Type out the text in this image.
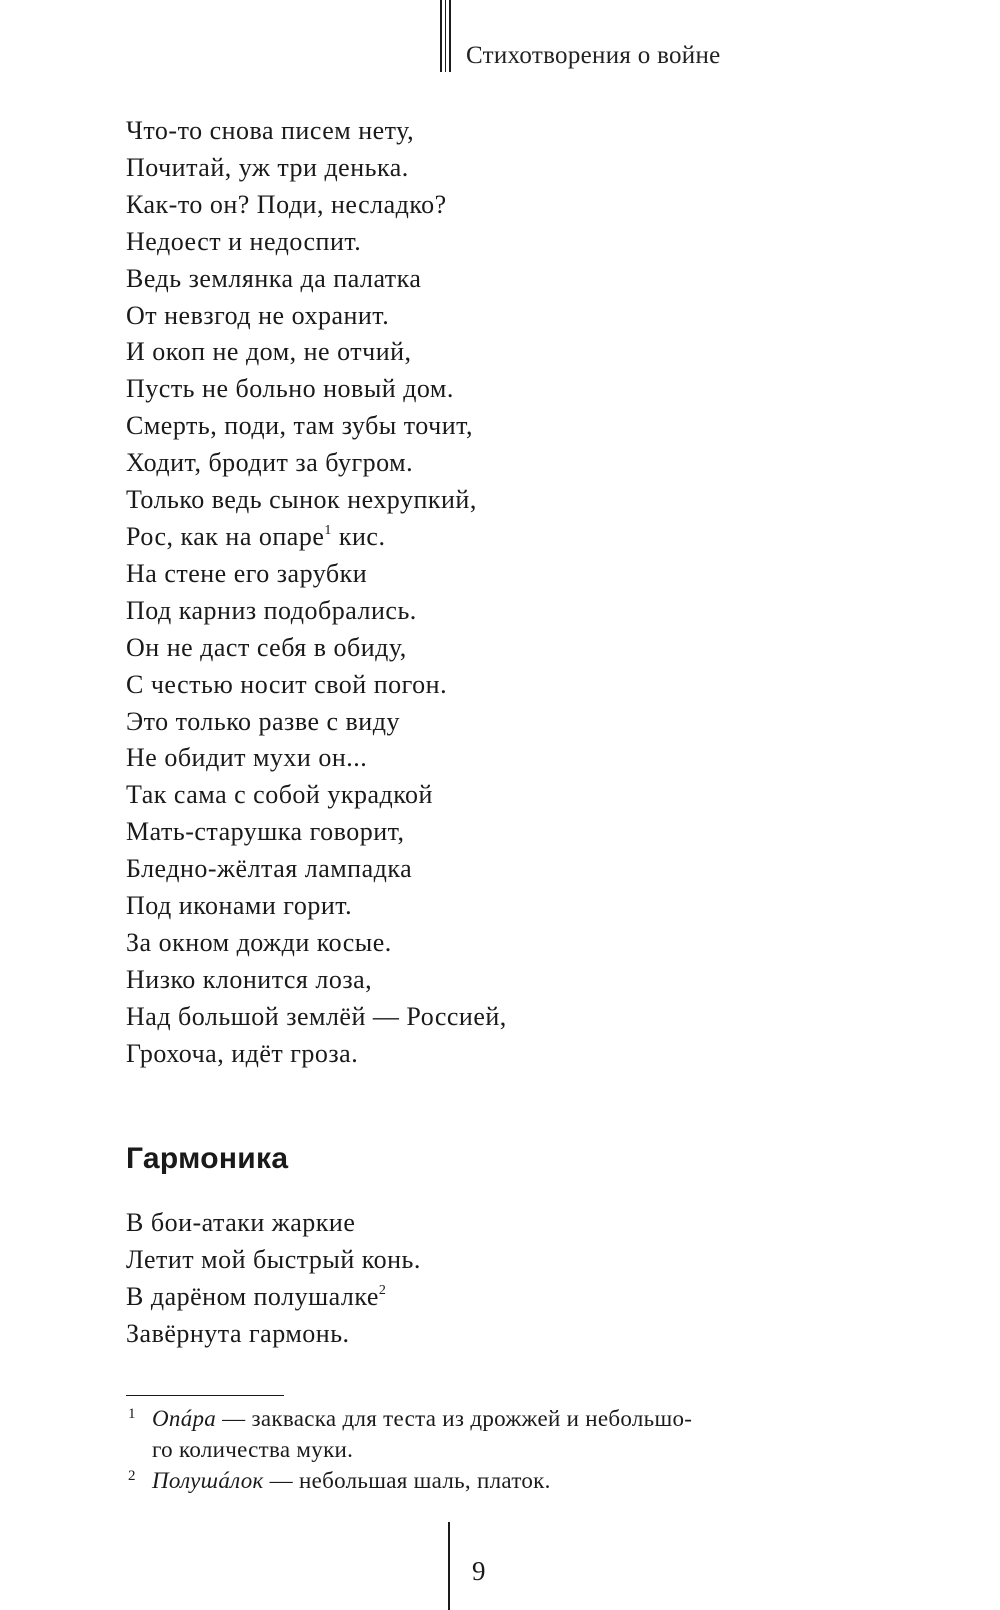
Стихотворения о войне
Что-то снова писем нету,
Почитай, уж три денька.
Как-то он? Поди, несладко?
Недоест и недоспит.
Ведь землянка да палатка
От невзгод не охранит.
И окоп не дом, не отчий,
Пусть не больно новый дом.
Смерть, поди, там зубы точит,
Ходит, бродит за бугром.
Только ведь сынок нехрупкий,
Рос, как на опаре$^1$ кис.
На стене его зарубки
Под карниз подобрались.
Он не даст себя в обиду,
С честью носит свой погон.
Это только разве с виду
Не обидит мухи он...
Так сама с собой украдкой
Мать-старушка говорит,
Бледно-жёлтая лампадка
Под иконами горит.
За окном дожди косые.
Низко клонится лоза,
Над большой землёй — Россией,
Грохоча, идёт гроза.
Гармоника
В бои-атаки жаркие
Летит мой быстрый конь.
В дарёном полушалке$^2$
Завёрнута гармонь.
1 Опáра — закваска для теста из дрожжей и небольшо-
го количества муки.
2 Полушáлок — небольшая шаль, платок.
9
